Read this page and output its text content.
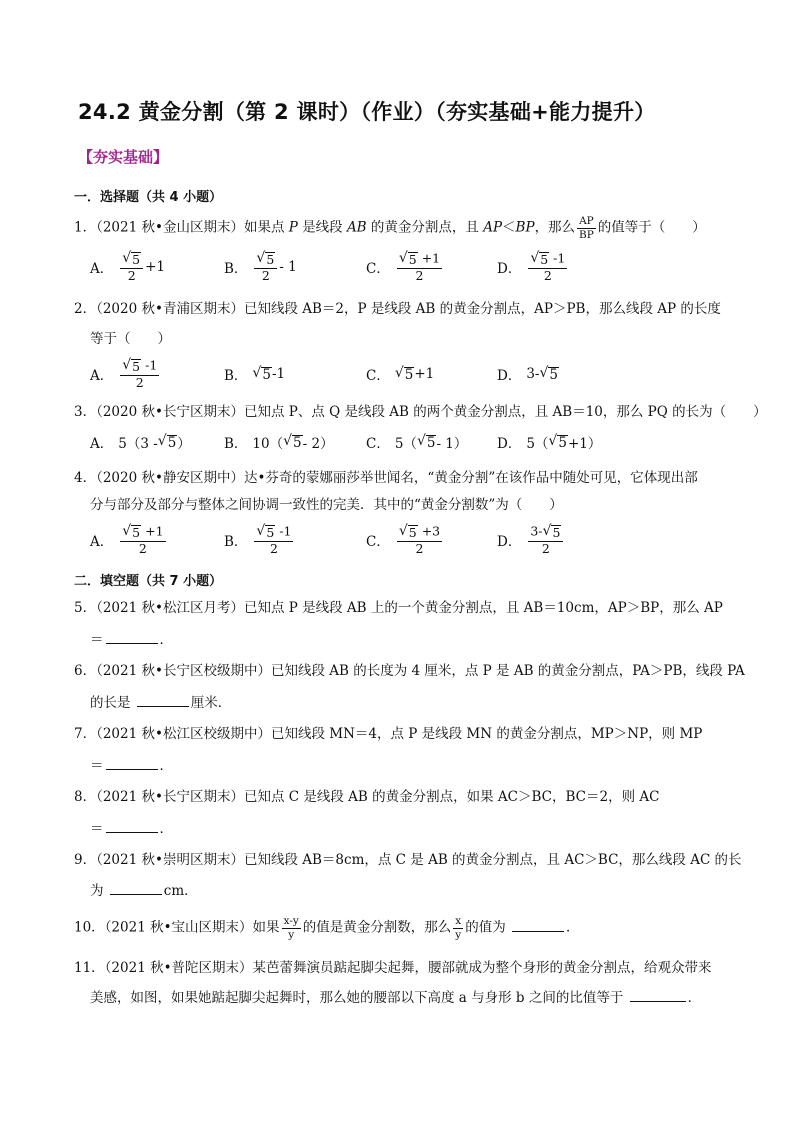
24.2 黄金分割（第 2 课时）（作业）（夯实基础+能力提升）
【夯实基础】
一．选择题（共 4 小题）
1．（2021 秋•金山区期末）如果点 P 是线段 AB 的黄金分割点，且 AP＜BP，那么 $\frac{AP}{BP}$ 的值等于（　　）
A． $\frac{√ 5}{2} +1$	B． $\frac{√ 5}{2} - 1$	C． $\frac{√ 5 +1}{2}$	D． $\frac{√ 5 -1}{2}$
2．（2020 秋•青浦区期末）已知线段 AB＝2，P 是线段 AB 的黄金分割点，AP＞PB，那么线段 AP 的长度
等于（　　）
A． $\frac{√ 5 -1}{2}$	B． √ 5 -1	C． √ 5 +1	D． 3- √ 5
3．（2020 秋•长宁区期末）已知点 P、点 Q 是线段 AB 的两个黄金分割点，且 AB＝10，那么 PQ 的长为（　　）
A． 5（3 - √ 5 ） B． 10（ √ 5 - 2） C． 5（ √ 5 - 1） D． 5（ √ 5 +1）
4．（2020 秋•静安区期中）达•芬奇的蒙娜丽莎举世闻名，“黄金分割”在该作品中随处可见，它体现出部
分与部分及部分与整体之间协调一致性的完美．其中的“黄金分割数”为（　　）
A． $\frac{√ 5 +1}{2}$	B． $\frac{√ 5 -1}{2}$	C． $\frac{√ 5 +3}{2}$	D． $\frac{3- √ 5}{2}$
二．填空题（共 7 小题）
5．（2021 秋•松江区月考）已知点 P 是线段 AB 上的一个黄金分割点，且 AB＝10cm，AP＞BP，那么 AP
＝	．
6．（2021 秋•长宁区校级期中）已知线段 AB 的长度为 4 厘米，点 P 是 AB 的黄金分割点，PA＞PB，线段 PA
的长是	厘米．
7．（2021 秋•松江区校级期中）已知线段 MN＝4，点 P 是线段 MN 的黄金分割点，MP＞NP，则 MP
＝	．
8．（2021 秋•长宁区期末）已知点 C 是线段 AB 的黄金分割点，如果 AC＞BC，BC＝2，则 AC
＝	．
9．（2021 秋•崇明区期末）已知线段 AB＝8cm，点 C 是 AB 的黄金分割点，且 AC＞BC，那么线段 AC 的长
为	cm．
10．（2021 秋•宝山区期末）如果 $\frac{x-y}{y}$ 的值是黄金分割数，那么 $\frac{x}{y}$ 的值为	．
11．（2021 秋•普陀区期末）某芭蕾舞演员踮起脚尖起舞，腰部就成为整个身形的黄金分割点，给观众带来
美感，如图，如果她踮起脚尖起舞时，那么她的腰部以下高度 a 与身形 b 之间的比值等于	．
